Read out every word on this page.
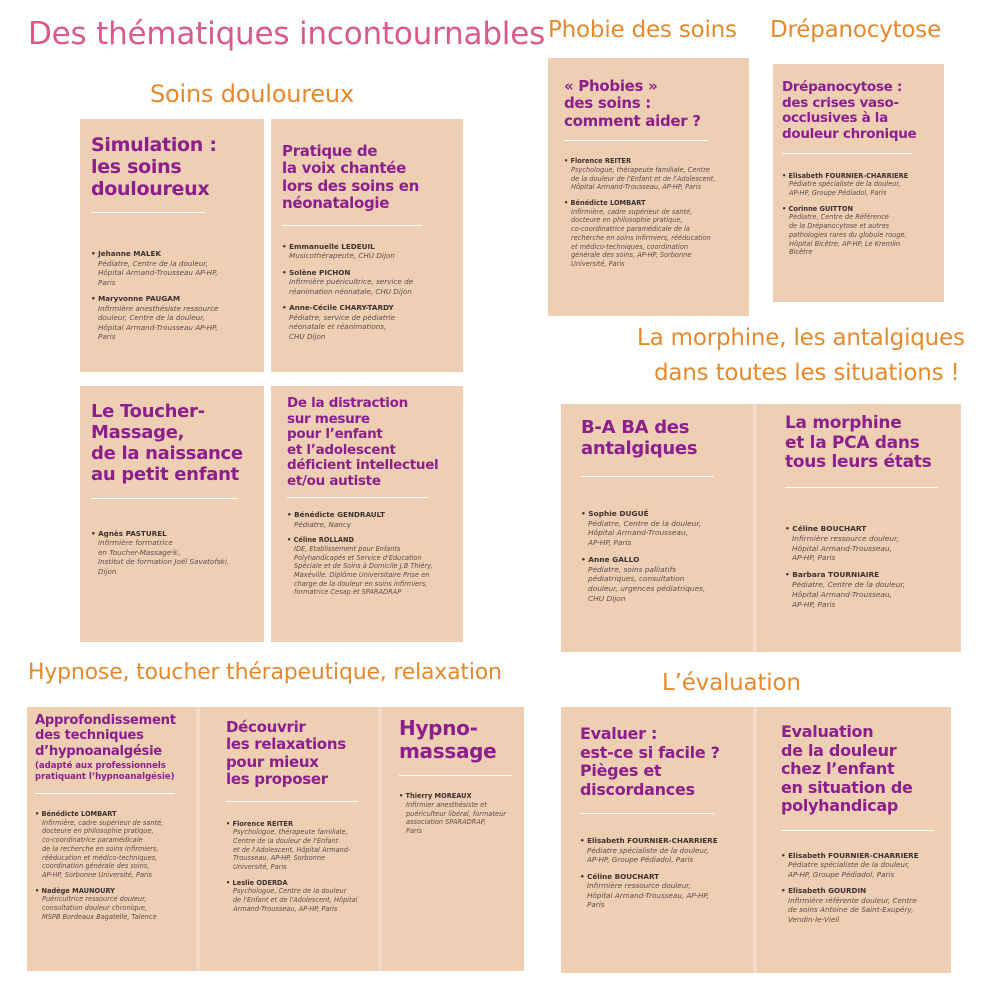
Des thématiques incontournables
Soins douloureux
Phobie des soins Drépanocytose
La morphine, les antalgiques
dans toutes les situations !
Hypnose, toucher thérapeutique, relaxation	L’évaluation
Simulation :
les soins
douloureux

• Jehanne MALEK
Pédiatre, Centre de la douleur,
Hôpital Armand-Trousseau AP-HP,
Paris

• Maryvonne PAUGAM
Infirmière anesthésiste ressource
douleur, Centre de la douleur,
Hôpital Armand-Trousseau AP-HP,
Paris

Pratique de
la voix chantée
lors des soins en
néonatalogie

• Emmanuelle LEDEUIL
Musicothérapeute, CHU Dijon

• Solène PICHON
Infirmière puéricultrice, service de
réanimation néonatale, CHU Dijon

• Anne-Cécile CHARY-TARDY
Pédiatre, service de pédiatrie
néonatale et réanimations,
CHU Dijon

Le Toucher-
Massage,
de la naissance
au petit enfant

• Agnès PASTUREL
infirmière formatrice
en Toucher-Massage®,
Institut de formation Joël Savatofski,
Dijon

De la distraction
sur mesure
pour l’enfant
et l’adolescent
déficient intellectuel
et/ou autiste

• Bénédicte GENDRAULT
Pédiatre, Nancy

• Céline ROLLAND
IDE, Etablissement pour Enfants
Polyhandicapés et Service d'Education
Spéciale et de Soins à Domicile J.B Thiéry,
Maxéville. Diplôme Universitaire Prise en
charge de la douleur en soins infirmiers,
formatrice Cesap et SPARADRAP

« Phobies »
des soins :
comment aider ?

• Florence REITER
Psychologue, thérapeute familiale, Centre
de la douleur de l'Enfant et de l'Adolescent,
Hôpital Armand-Trousseau, AP-HP, Paris

• Bénédicte LOMBART
Infirmière, cadre supérieur de santé,
docteure en philosophie pratique,
co-coordinatrice paramédicale de la
recherche en soins infirmiers, rééducation
et médico-techniques, coordination
générale des soins, AP-HP, Sorbonne
Université, Paris

Drépanocytose :
des crises vaso-
occlusives à la
douleur chronique

• Elisabeth FOURNIER-CHARRIERE
Pédiatre spécialiste de la douleur,
AP-HP, Groupe Pédiadol, Paris

• Corinne GUITTON
Pédiatre, Centre de Référence
de la Drépanocytose et autres
pathologies rares du globule rouge,
Hôpital Bicêtre, AP-HP, Le Kremlin
Bicêtre

B-A BA des
antalgiques

• Sophie DUGUÉ
Pédiatre, Centre de la douleur,
Hôpital Armand-Trousseau,
AP-HP, Paris

• Anne GALLO
Pédiatre, soins palliatifs
pédiatriques, consultation
douleur, urgences pédiatriques,
CHU Dijon

La morphine
et la PCA dans
tous leurs états

• Céline BOUCHART
Infirmière ressource douleur,
Hôpital Armand-Trousseau,
AP-HP, Paris

• Barbara TOURNIAIRE
Pédiatre, Centre de la douleur,
Hôpital Armand-Trousseau,
AP-HP, Paris

Approfondissement
des techniques
d’hypnoanalgésie

(adapté aux professionnels
pratiquant l’hypnoanalgésie)

• Bénédicte LOMBART
Infirmière, cadre supérieur de santé,
docteure en philosophie pratique,
co-coordinatrice paramédicale
de la recherche en soins infirmiers,
rééducation et médico-techniques,
coordination générale des soins,
AP-HP, Sorbonne Université, Paris

• Nadège MAUNOURY
Puéricultrice ressource douleur,
consultation douleur chronique,
MSPB Bordeaux Bagatelle, Talence

Découvrir
les relaxations
pour mieux
les proposer

• Florence REITER
Psychologue, thérapeute familiale,
Centre de la douleur de l'Enfant
et de l'Adolescent, Hôpital Armand-
Trousseau, AP-HP, Sorbonne
Université, Paris

• Leslie ODERDA
Psychologue, Centre de la douleur
de l'Enfant et de l'Adolescent, Hôpital
Armand-Trousseau, AP-HP, Paris

Hypno-
massage

• Thierry MOREAUX
Infirmier anesthésiste et
puériculteur libéral, formateur
association SPARADRAP,
Paris

Evaluer :
est-ce si facile ?
Pièges et
discordances

• Elisabeth FOURNIER-CHARRIERE
Pédiatre spécialiste de la douleur,
AP-HP, Groupe Pédiadol, Paris

• Céline BOUCHART
Infirmière ressource douleur,
Hôpital Armand-Trousseau, AP-HP,
Paris

Evaluation
de la douleur
chez l’enfant
en situation de
polyhandicap

• Elisabeth FOURNIER-CHARRIERE
Pédiatre spécialiste de la douleur,
AP-HP, Groupe Pédiadol, Paris

• Elisabeth GOURDIN
Infirmière référente douleur, Centre
de soins Antoine de Saint-Exupéry,
Vendin-le-Vieil
